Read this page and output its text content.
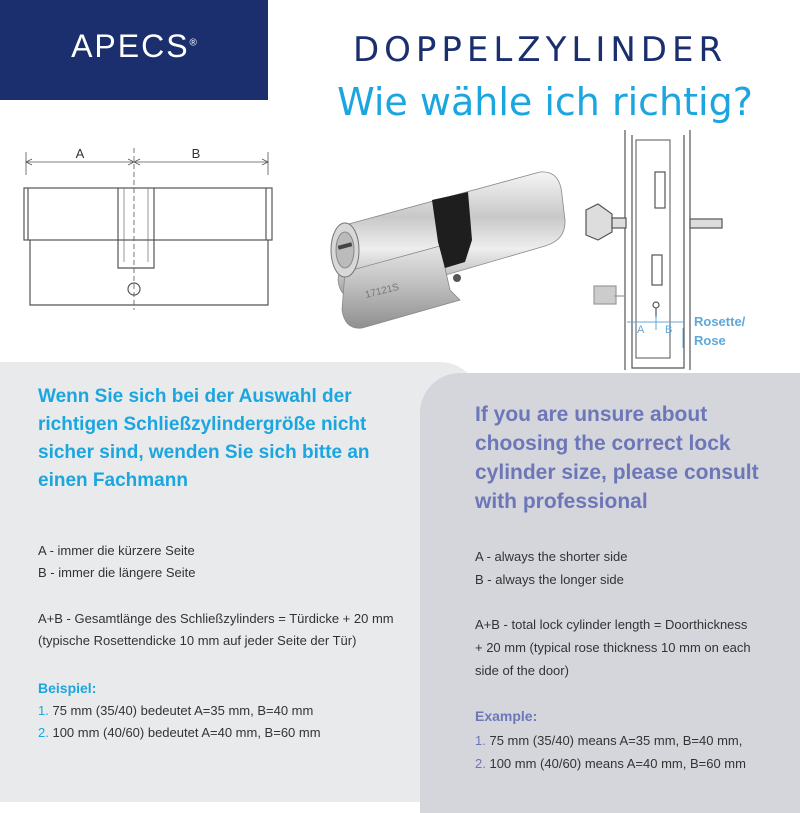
APECS®	DOPPELZYLINDER
Wie wähle ich richtig?
A	B
17121S
A B
Rosette/
Rose
Wenn Sie sich bei der Auswahl der
richtigen Schließzylindergröße nicht
sicher sind, wenden Sie sich bitte an
einen Fachmann
A - immer die kürzere Seite
B - immer die längere Seite
A+B - Gesamtlänge des Schließzylinders = Türdicke + 20 mm
(typische Rosettendicke 10 mm auf jeder Seite der Tür)
Beispiel:
1. 75 mm (35/40) bedeutet A=35 mm, B=40 mm
2. 100 mm (40/60) bedeutet A=40 mm, B=60 mm
If you are unsure about
choosing the correct lock
cylinder size, please consult
with professional
A - always the shorter side
B - always the longer side
A+B - total lock cylinder length = Doorthickness
+ 20 mm (typical rose thickness 10 mm on each
side of the door)
Example:
1. 75 mm (35/40) means A=35 mm, B=40 mm,
2. 100 mm (40/60) means A=40 mm, B=60 mm
